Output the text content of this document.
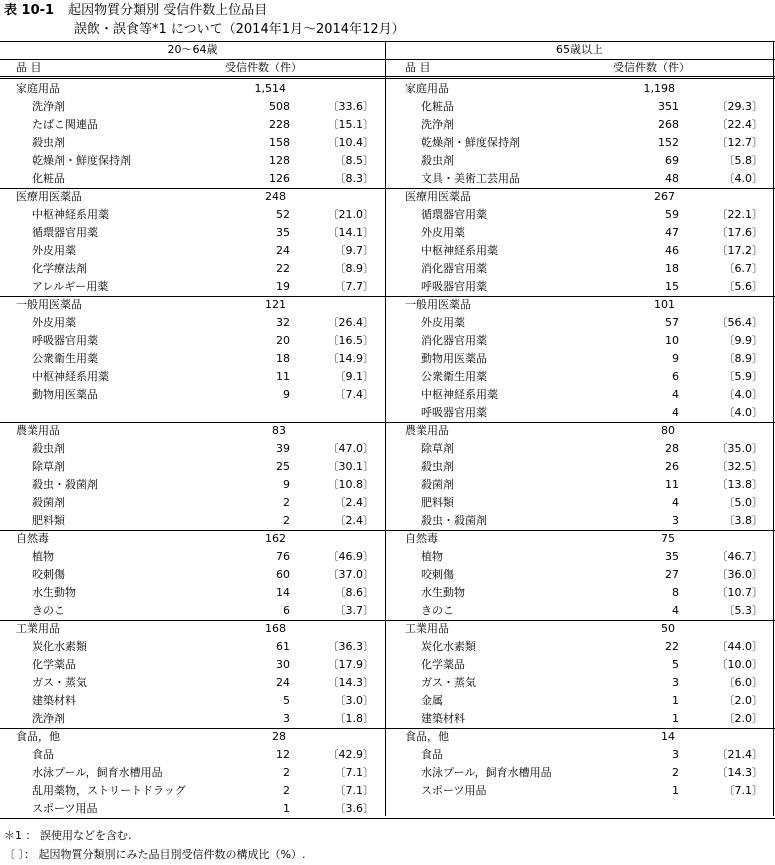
表 10-1 起因物質分類別 受信件数上位品目
誤飲・誤食等*1 について（2014年1月～2014年12月）
20～64歳	65歳以上
品 目	受信件数（件）	品 目	受信件数（件）
家庭用品	1,514
洗浄剤	508	〔33.6〕
たばこ関連品	228	〔15.1〕
殺虫剤	158	〔10.4〕
乾燥剤・鮮度保持剤	128	〔8.5〕
化粧品	126	〔8.3〕
家庭用品	1,198
化粧品	351	〔29.3〕
洗浄剤	268	〔22.4〕
乾燥剤・鮮度保持剤	152	〔12.7〕
殺虫剤	69	〔5.8〕
文具・美術工芸用品	48	〔4.0〕
医療用医薬品	248
中枢神経系用薬	52	〔21.0〕
循環器官用薬	35	〔14.1〕
外皮用薬	24	〔9.7〕
化学療法剤	22	〔8.9〕
アレルギー用薬	19	〔7.7〕
医療用医薬品	267
循環器官用薬	59	〔22.1〕
外皮用薬	47	〔17.6〕
中枢神経系用薬	46	〔17.2〕
消化器官用薬	18	〔6.7〕
呼吸器官用薬	15	〔5.6〕
一般用医薬品	121
外皮用薬	32	〔26.4〕
呼吸器官用薬	20	〔16.5〕
公衆衛生用薬	18	〔14.9〕
中枢神経系用薬	11	〔9.1〕
動物用医薬品	9	〔7.4〕
一般用医薬品	101
外皮用薬	57	〔56.4〕
消化器官用薬	10	〔9.9〕
動物用医薬品	9	〔8.9〕
公衆衛生用薬	6	〔5.9〕
中枢神経系用薬	4	〔4.0〕
呼吸器官用薬	4	〔4.0〕
農業用品	83
殺虫剤	39	〔47.0〕
除草剤	25	〔30.1〕
殺虫・殺菌剤	9	〔10.8〕
殺菌剤	2	〔2.4〕
肥料類	2	〔2.4〕
農業用品	80
除草剤	28	〔35.0〕
殺虫剤	26	〔32.5〕
殺菌剤	11	〔13.8〕
肥料類	4	〔5.0〕
殺虫・殺菌剤	3	〔3.8〕
自然毒	162
植物	76	〔46.9〕
咬刺傷	60	〔37.0〕
水生動物	14	〔8.6〕
きのこ	6	〔3.7〕
自然毒	75
植物	35	〔46.7〕
咬刺傷	27	〔36.0〕
水生動物	8	〔10.7〕
きのこ	4	〔5.3〕
工業用品	168
炭化水素類	61	〔36.3〕
化学薬品	30	〔17.9〕
ガス・蒸気	24	〔14.3〕
建築材料	5	〔3.0〕
洗浄剤	3	〔1.8〕
工業用品	50
炭化水素類	22	〔44.0〕
化学薬品	5	〔10.0〕
ガス・蒸気	3	〔6.0〕
金属	1	〔2.0〕
建築材料	1	〔2.0〕
食品，他	28
食品	12	〔42.9〕
水泳プール，飼育水槽用品	2	〔7.1〕
乱用薬物，ストリートドラッグ	2	〔7.1〕
スポーツ用品	1	〔3.6〕
食品，他	14
食品	3	〔21.4〕
水泳プール，飼育水槽用品	2	〔14.3〕
スポーツ用品	1	〔7.1〕
＊1 ： 誤使用などを含む.
〔 〕： 起因物質分類別にみた品目別受信件数の構成比（%）.
